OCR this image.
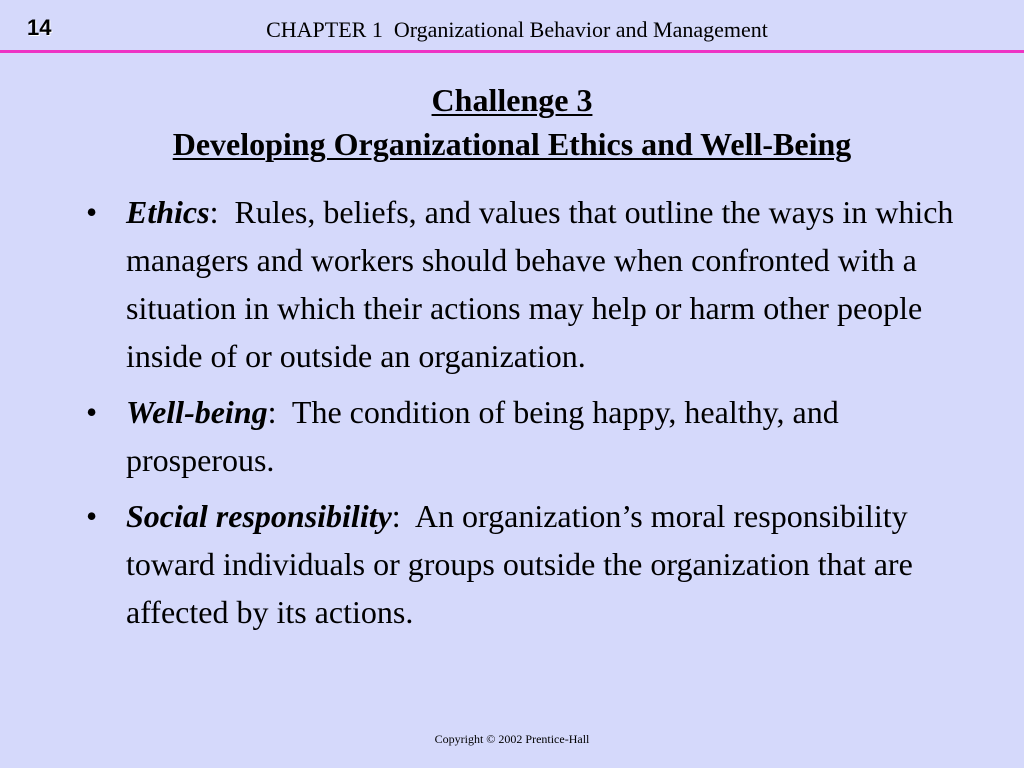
14	CHAPTER 1  Organizational Behavior and Management
Challenge 3
Developing Organizational Ethics and Well-Being
• Ethics:  Rules, beliefs, and values that outline the ways in which managers and workers should behave when confronted with a situation in which their actions may help or harm other people inside of or outside an organization.
• Well-being:  The condition of being happy, healthy, and prosperous.
• Social responsibility:  An organization’s moral responsibility toward individuals or groups outside the organization that are affected by its actions.
Copyright © 2002 Prentice-Hall
